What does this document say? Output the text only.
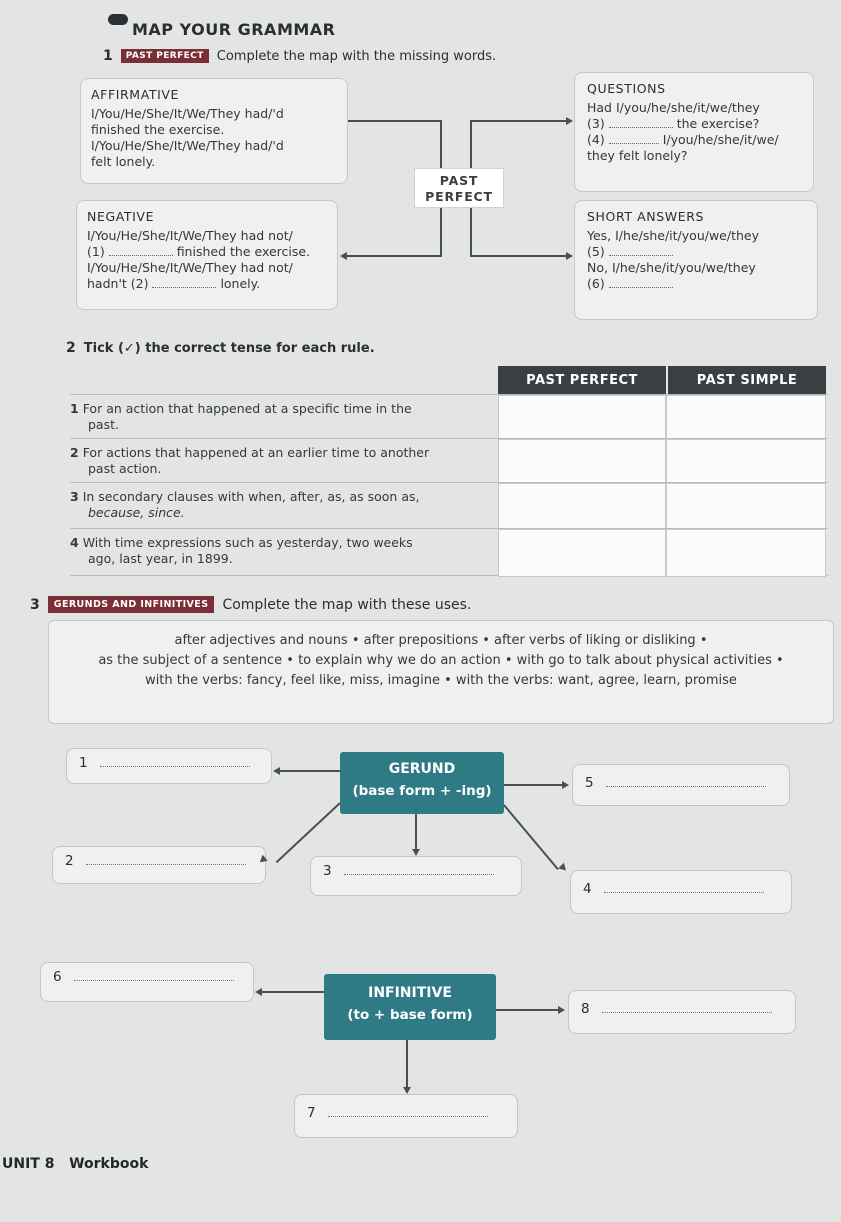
MAP YOUR GRAMMAR
1	PAST PERFECT	Complete the map with the missing words.
AFFIRMATIVE
I/You/He/She/It/We/They had/'d
finished the exercise.
I/You/He/She/It/We/They had/'d
felt lonely.
NEGATIVE
I/You/He/She/It/We/They had not/
(1)	finished the exercise.
I/You/He/She/It/We/They had not/
hadn't (2)	lonely.
QUESTIONS
Had I/you/he/she/it/we/they
(3)	the exercise?
(4)	I/you/he/she/it/we/
they felt lonely?
SHORT ANSWERS
Yes, I/he/she/it/you/we/they
(5)
No, I/he/she/it/you/we/they
(6)
PAST
PERFECT
2 Tick (✓) the correct tense for each rule.
PAST PERFECT	PAST SIMPLE
1 For an action that happened at a specific time in the
past.
2 For actions that happened at an earlier time to another
past action.
3 In secondary clauses with when, after, as, as soon as,
because, since.
4 With time expressions such as yesterday, two weeks
ago, last year, in 1899.
3	GERUNDS AND INFINITIVES	Complete the map with these uses.
after adjectives and nouns • after prepositions • after verbs of liking or disliking •
as the subject of a sentence • to explain why we do an action • with go to talk about physical activities •
with the verbs: fancy, feel like, miss, imagine • with the verbs: want, agree, learn, promise
GERUND
(base form + -ing)
1
2
3
4
5
INFINITIVE
(to + base form)
6
8
7
UNIT 8   Workbook
